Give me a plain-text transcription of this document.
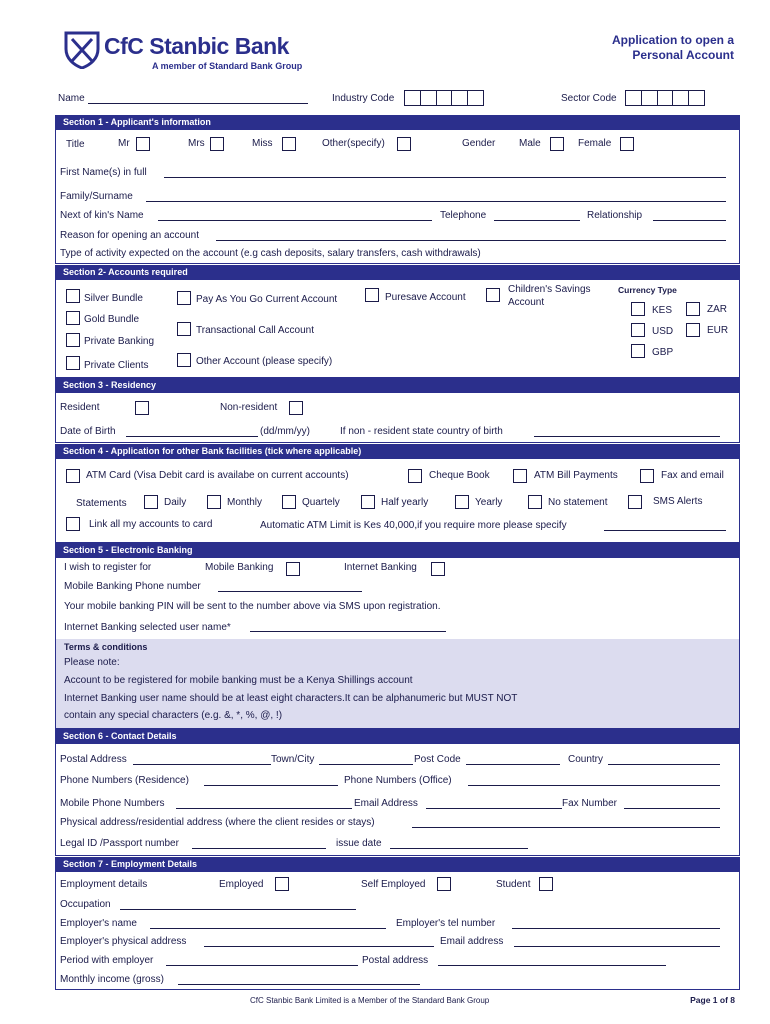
CfC Stanbic Bank
A member of Standard Bank Group
Application to open a
Personal Account
Name	Industry Code	Sector Code
Section 1 - Applicant's information
Title	Mr	Mrs	Miss	Other(specify)	Gender Male	Female
First Name(s) in full
Family/Surname
Next of kin's Name	Telephone	Relationship
Reason for opening an account
Type of activity expected on the account (e.g cash deposits, salary transfers, cash withdrawals)
Section 2- Accounts required
Silver Bundle
Gold Bundle
Private Banking
Private Clients
Pay As You Go Current Account
Transactional Call Account
Other Account (please specify)
Puresave Account
Children's Savings
Account
Currency Type
KES	ZAR
USD	EUR
GBP
Section 3 - Residency
Resident	Non-resident
Date of Birth	(dd/mm/yy)	If non - resident state country of birth
Section 4 - Application for other Bank facilities (tick where applicable)
ATM Card (Visa Debit card is availabe on current accounts)	Cheque Book	ATM Bill Payments	Fax and email
Statements	Daily	Monthly	Quartely	Half yearly	Yearly	No statement	SMS Alerts
Link all my accounts to card	Automatic ATM Limit is Kes 40,000,if you require more please specify
Section 5 - Electronic Banking
I wish to register for	Mobile Banking	Internet Banking
Mobile Banking Phone number
Your mobile banking PIN will be sent to the number above via SMS upon registration.
Internet Banking selected user name*
Terms & conditions
Please note:
Account to be registered for mobile banking must be a Kenya Shillings account
Internet Banking user name should be at least eight characters.It can be alphanumeric but MUST NOT
contain any special characters (e.g. &, *, %, @, !)
Section 6 - Contact Details
Postal Address	Town/City	Post Code	Country
Phone Numbers (Residence)	Phone Numbers (Office)
Mobile Phone Numbers	Email Address	Fax Number
Physical address/residential address (where the client resides or stays)
Legal ID /Passport number	issue date
Section 7 - Employment Details
Employment details	Employed	Self Employed	Student
Occupation
Employer's name	Employer's tel number
Employer's physical address	Email address
Period with employer	Postal address
Monthly income (gross)
CfC Stanbic Bank Limited is a Member of the Standard Bank Group	Page 1 of 8
